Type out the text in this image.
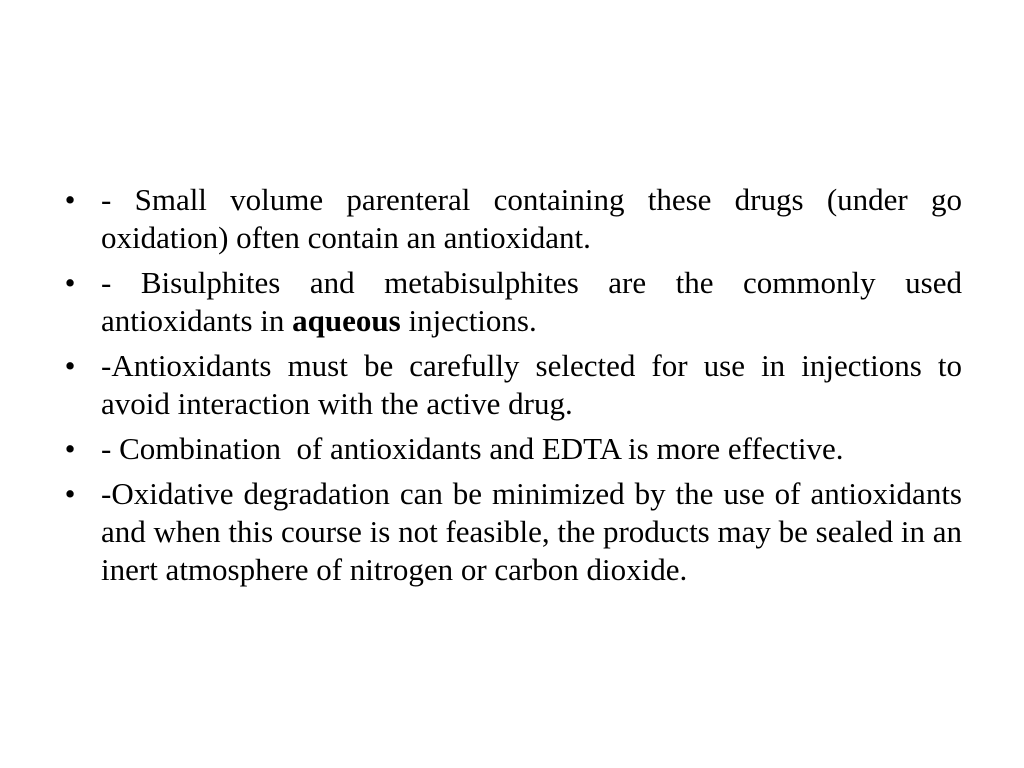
• - Small volume parenteral containing these drugs (under go oxidation) often contain an antioxidant.
• - Bisulphites and metabisulphites are the commonly used antioxidants in aqueous injections.
• -Antioxidants must be carefully selected for use in injections to avoid interaction with the active drug.
• - Combination  of antioxidants and EDTA is more effective.
• -Oxidative degradation can be minimized by the use of antioxidants and when this course is not feasible, the products may be sealed in an inert atmosphere of nitrogen or carbon dioxide.
